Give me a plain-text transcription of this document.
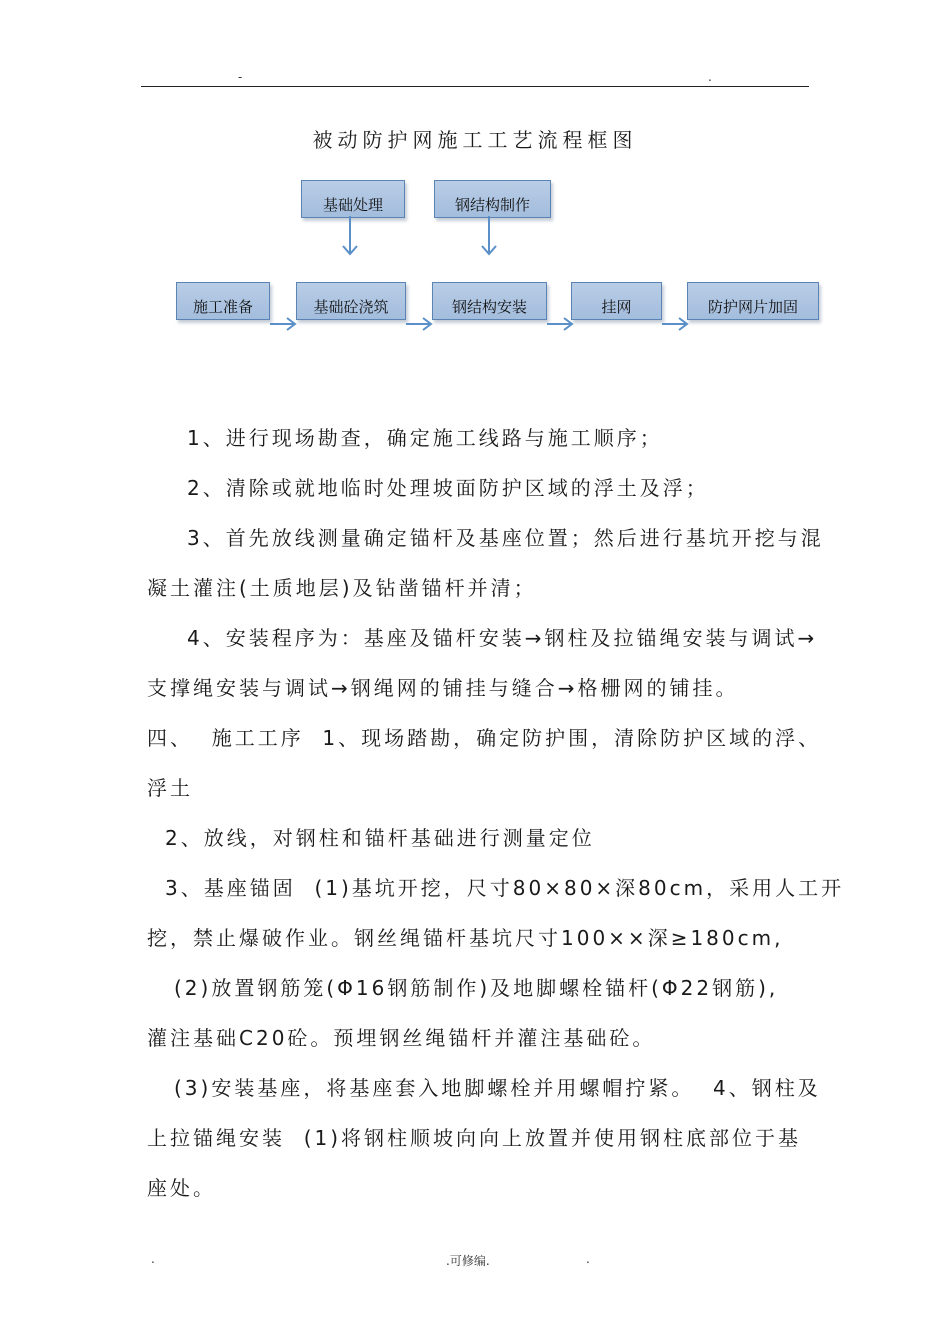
-	.
被动防护网施工工艺流程框图
基础处理	钢结构制作
施工准备	基础砼浇筑	钢结构安装	挂网	防护网片加固
1、进行现场勘查，确定施工线路与施工顺序；
2、清除或就地临时处理坡面防护区域的浮土及浮；
3、首先放线测量确定锚杆及基座位置；然后进行基坑开挖与混
凝土灌注(土质地层)及钻凿锚杆并清；
4、安装程序为：基座及锚杆安装→钢柱及拉锚绳安装与调试→
支撑绳安装与调试→钢绳网的铺挂与缝合→格栅网的铺挂。
四、  施工工序  1、现场踏勘，确定防护围，清除防护区域的浮、
浮土
2、放线，对钢柱和锚杆基础进行测量定位
3、基座锚固  (1)基坑开挖，尺寸80×80×深80cm，采用人工开
挖，禁止爆破作业。钢丝绳锚杆基坑尺寸100××深≥180cm,
(2)放置钢筋笼(Φ16钢筋制作)及地脚螺栓锚杆(Φ22钢筋),
灌注基础C20砼。预埋钢丝绳锚杆并灌注基础砼。
(3)安装基座，将基座套入地脚螺栓并用螺帽拧紧。  4、钢柱及
上拉锚绳安装  (1)将钢柱顺坡向向上放置并使用钢柱底部位于基
座处。
.	.可修编.	.
